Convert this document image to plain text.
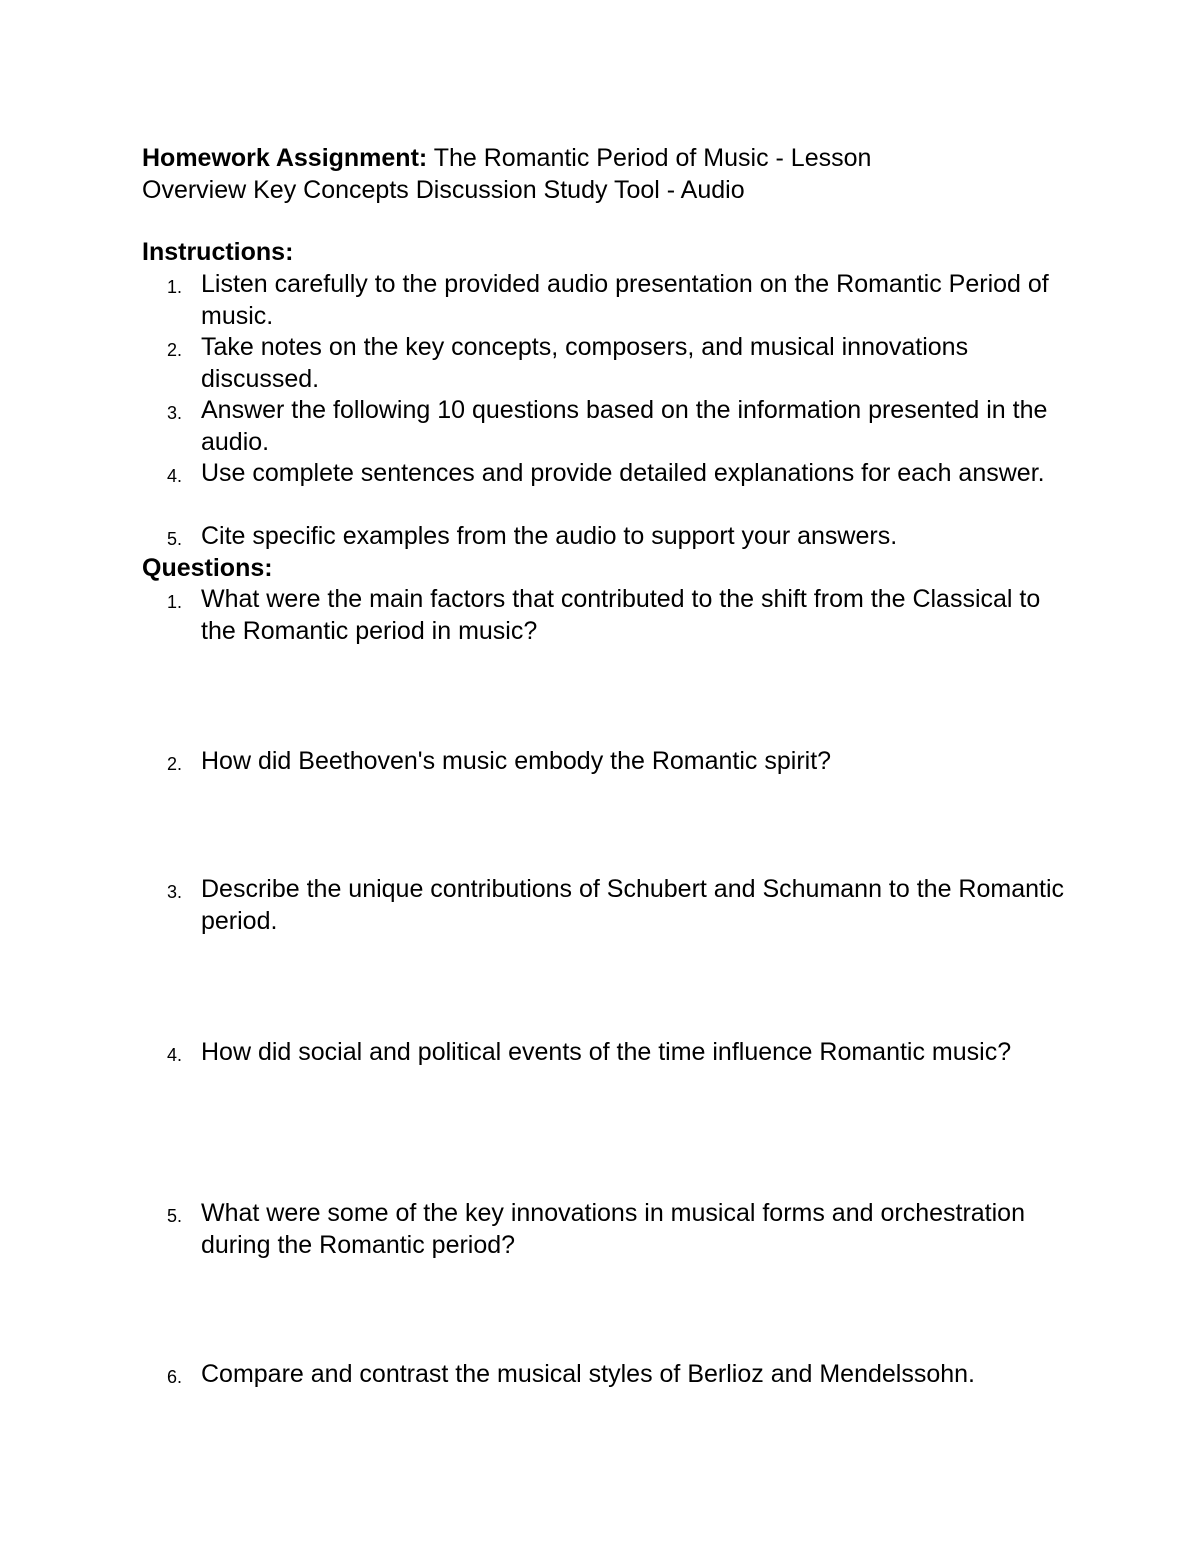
Homework Assignment: The Romantic Period of Music - Lesson
Overview Key Concepts Discussion Study Tool - Audio
Instructions:
1. Listen carefully to the provided audio presentation on the Romantic Period of music.
2. Take notes on the key concepts, composers, and musical innovations discussed.
3. Answer the following 10 questions based on the information presented in the audio.
4. Use complete sentences and provide detailed explanations for each answer.
5. Cite specific examples from the audio to support your answers.
Questions:
1. What were the main factors that contributed to the shift from the Classical to the Romantic period in music?
2. How did Beethoven's music embody the Romantic spirit?
3. Describe the unique contributions of Schubert and Schumann to the Romantic period.
4. How did social and political events of the time influence Romantic music?
5. What were some of the key innovations in musical forms and orchestration during the Romantic period?
6. Compare and contrast the musical styles of Berlioz and Mendelssohn.
